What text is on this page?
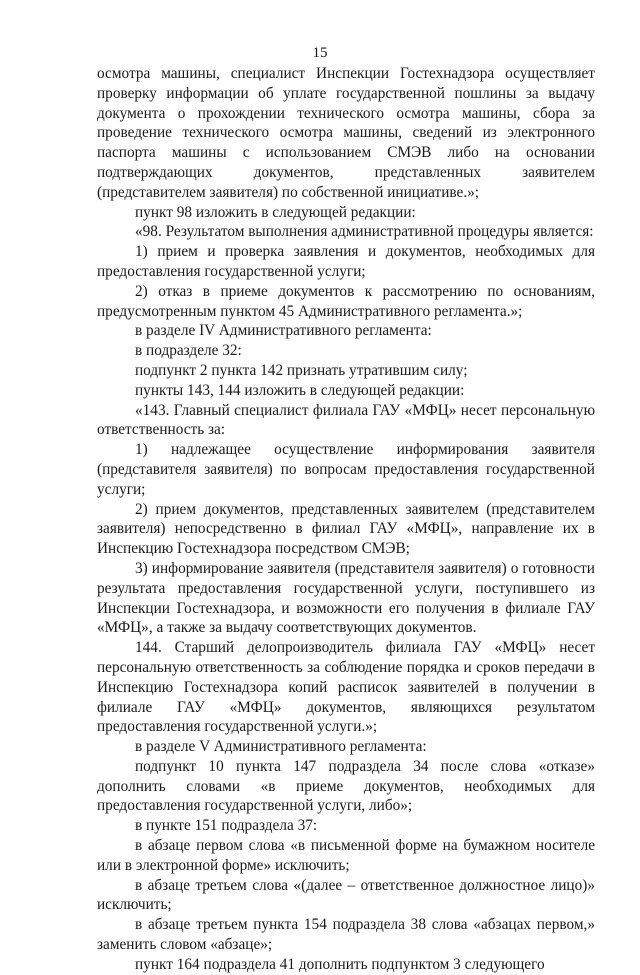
15

осмотра машины, специалист Инспекции Гостехнадзора осуществляет проверку информации об уплате государственной пошлины за выдачу документа о прохождении технического осмотра машины, сбора за проведение технического осмотра машины, сведений из электронного паспорта машины с использованием СМЭВ либо на основании подтверждающих документов, представленных заявителем (представителем заявителя) по собственной инициативе.»;

пункт 98 изложить в следующей редакции:

«98. Результатом выполнения административной процедуры является:

1) прием и проверка заявления и документов, необходимых для предоставления государственной услуги;

2) отказ в приеме документов к рассмотрению по основаниям, предусмотренным пунктом 45 Административного регламента.»;

в разделе IV Административного регламента:

в подразделе 32:

подпункт 2 пункта 142 признать утратившим силу;

пункты 143, 144 изложить в следующей редакции:

«143. Главный специалист филиала ГАУ «МФЦ» несет персональную ответственность за:

1) надлежащее осуществление информирования заявителя (представителя заявителя) по вопросам предоставления государственной услуги;

2) прием документов, представленных заявителем (представителем заявителя) непосредственно в филиал ГАУ «МФЦ», направление их в Инспекцию Гостехнадзора посредством СМЭВ;

3) информирование заявителя (представителя заявителя) о готовности результата предоставления государственной услуги, поступившего из Инспекции Гостехнадзора, и возможности его получения в филиале ГАУ «МФЦ», а также за выдачу соответствующих документов.

144. Старший делопроизводитель филиала ГАУ «МФЦ» несет персональную ответственность за соблюдение порядка и сроков передачи в Инспекцию Гостехнадзора копий расписок заявителей в получении в филиале ГАУ «МФЦ» документов, являющихся результатом предоставления государственной услуги.»;

в разделе V Административного регламента:

подпункт 10 пункта 147 подраздела 34 после слова «отказе» дополнить словами «в приеме документов, необходимых для предоставления государственной услуги, либо»;

в пункте 151 подраздела 37:

в абзаце первом слова «в письменной форме на бумажном носителе или в электронной форме» исключить;

в абзаце третьем слова «(далее – ответственное должностное лицо)» исключить;

в абзаце третьем пункта 154 подраздела 38 слова «абзацах первом,» заменить словом «абзаце»;

пункт 164 подраздела 41 дополнить подпунктом 3 следующего
